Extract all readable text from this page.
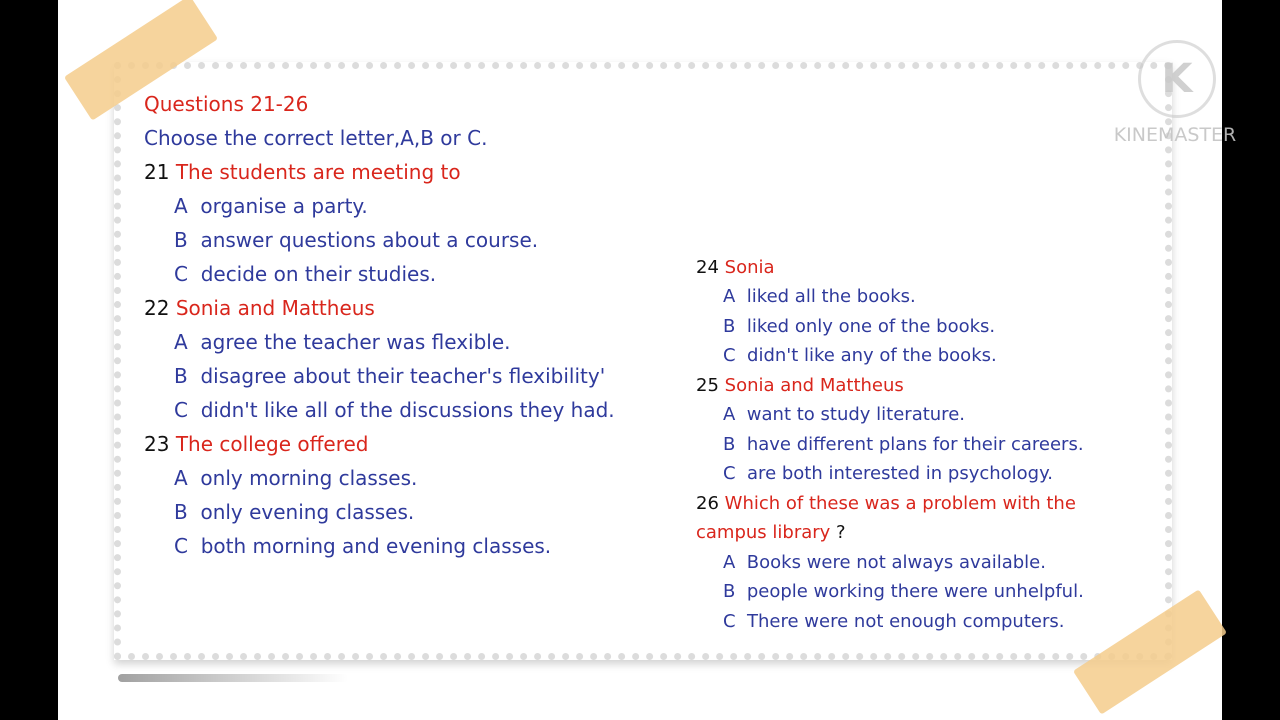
Questions 21-26
Choose the correct letter,A,B or C.
21 The students are meeting to
A organise a party.
B answer questions about a course.
C decide on their studies.
22 Sonia and Mattheus
A agree the teacher was flexible.
B disagree about their teacher's flexibility'
C didn't like all of the discussions they had.
23 The college offered
A only morning classes.
B only evening classes.
C both morning and evening classes.
24 Sonia
A liked all the books.
B liked only one of the books.
C didn't like any of the books.
25 Sonia and Mattheus
A want to study literature.
B have different plans for their careers.
C are both interested in psychology.
26 Which of these was a problem with the
campus library ?
A Books were not always available.
B people working there were unhelpful.
C There were not enough computers.
K
KINEMASTER
